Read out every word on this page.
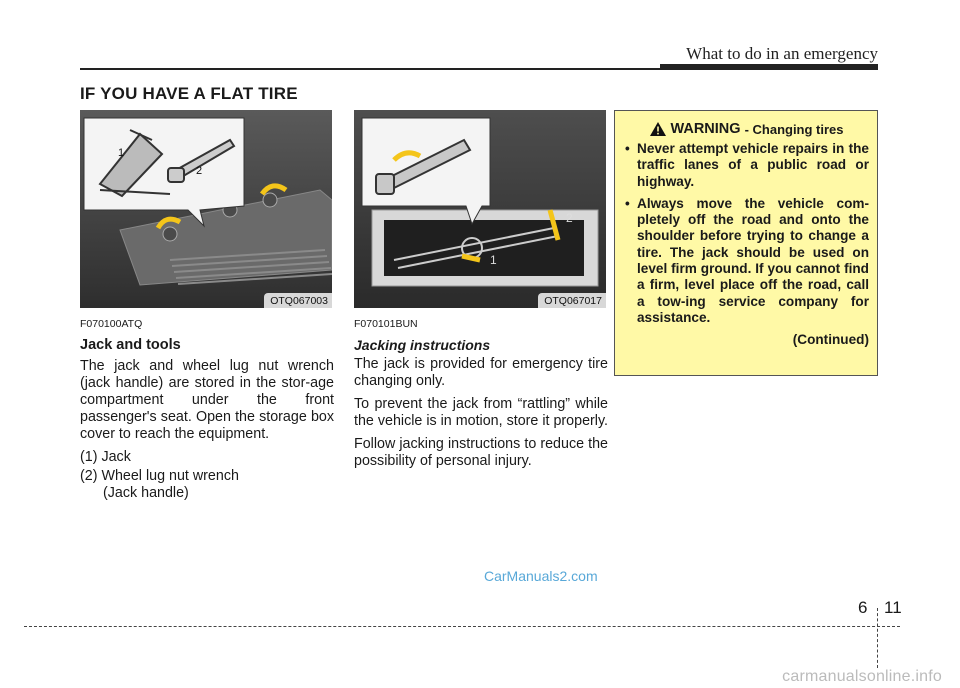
What to do in an emergency
IF YOU HAVE A FLAT TIRE
1
2
OTQ067003
1
2
OTQ067017
F070100ATQ
Jack and tools
The jack and wheel lug nut wrench (jack handle) are stored in the stor-age compartment under the front passenger's seat. Open the storage box cover to reach the equipment.
(1) Jack
(2) Wheel lug nut wrench
(Jack handle)
F070101BUN
Jacking instructions
The jack is provided for emergency tire changing only.
To prevent the jack from “rattling” while the vehicle is in motion, store it properly.
Follow jacking instructions to reduce the possibility of personal injury.
WARNING - Changing tires
• Never attempt vehicle repairs in the traffic lanes of a public road or highway.
• Always move the vehicle com-pletely off the road and onto the shoulder before trying to change a tire. The jack should be used on level firm ground. If you cannot find a firm, level place off the road, call a tow-ing service company for assistance.
(Continued)
CarManuals2.com
6 11
carmanualsonline.info
